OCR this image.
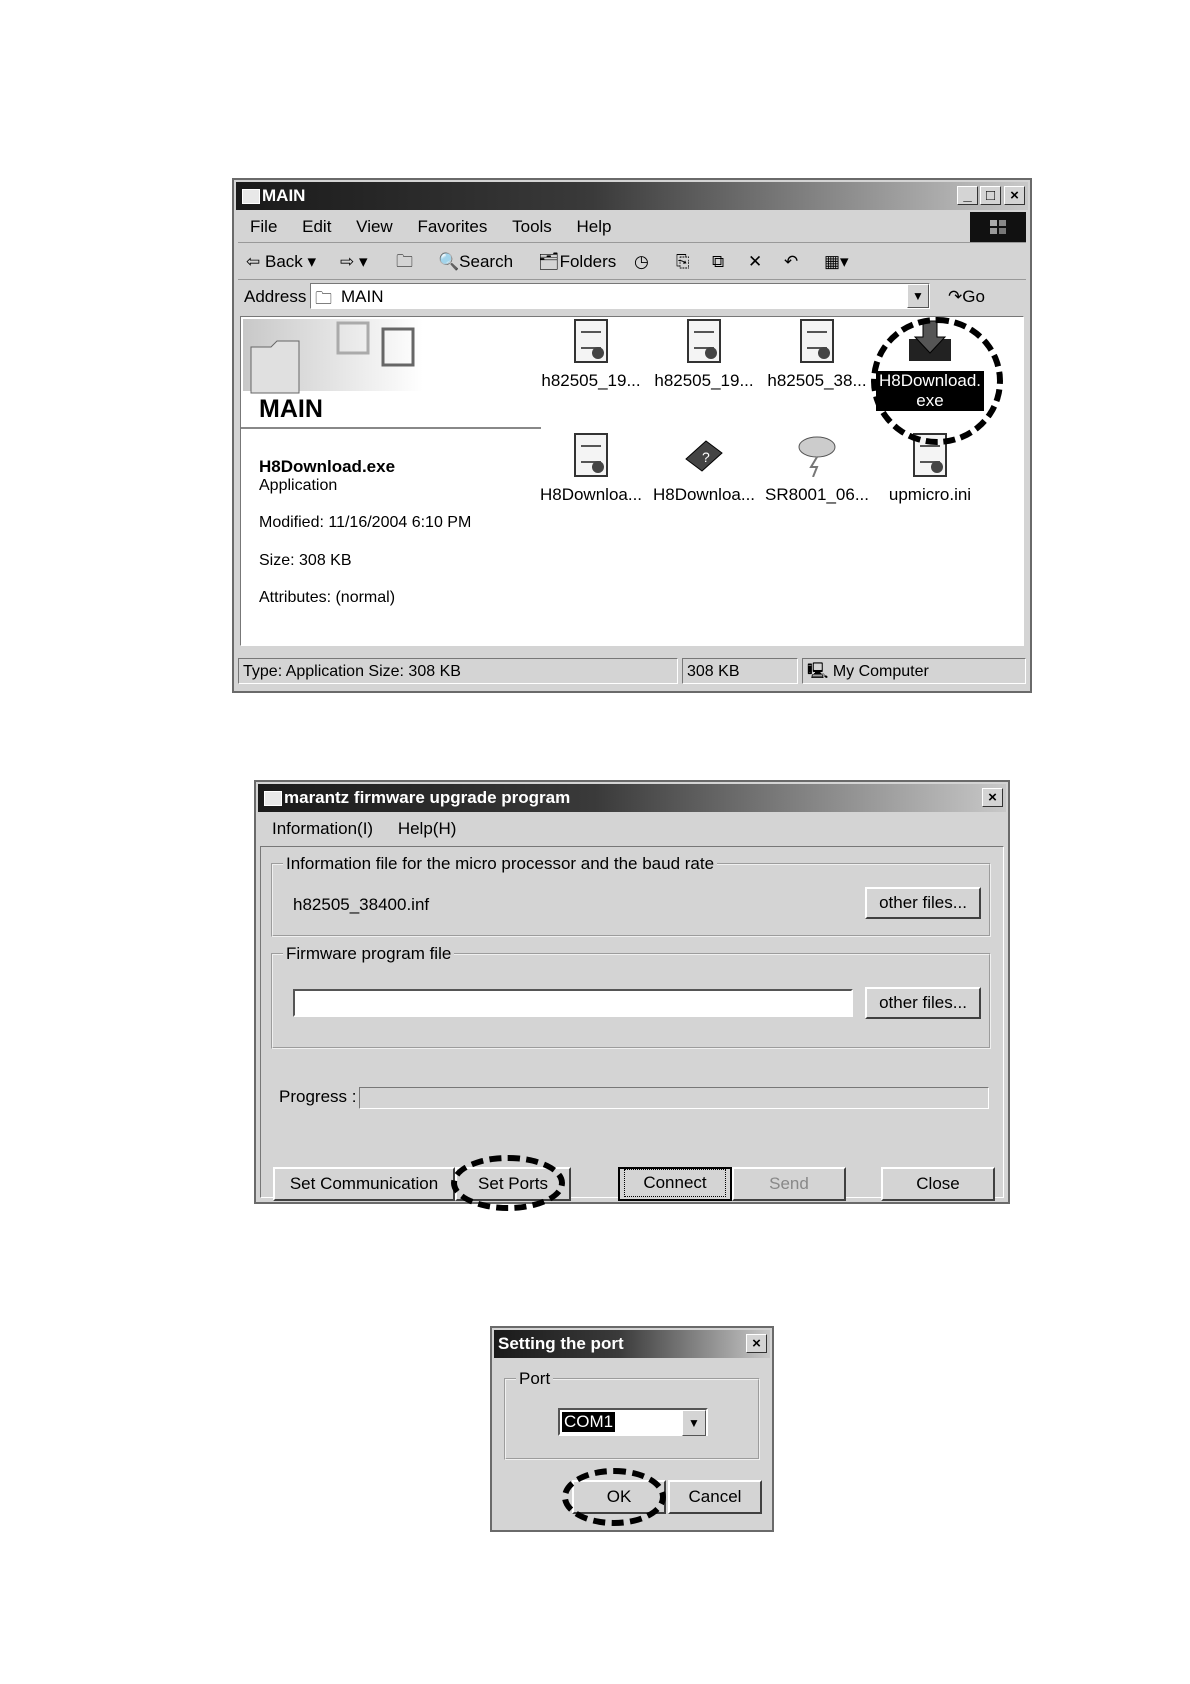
MAIN	_ □	×
File Edit View Favorites Tools Help
⇦ Back ▾ ⇨ ▾ 🗀 🔍Search 🗂Folders ◷ ⎘ ⧉ ✕ ↶ ▦▾
Address 🗀 MAIN	▼ ↷Go
MAIN
H8Download.exe
Application
Modified: 11/16/2004 6:10 PM
Size: 308 KB
Attributes: (normal)
h82505_19... h82505_19... h82505_38... H8Download.exe
H8Downloa...
?
H8Downloa... SR8001_06...	upmicro.ini
Type: Application Size: 308 KB	308 KB	🖳 My Computer
marantz firmware upgrade program	×
Information(I) Help(H)
Information file for the micro processor and the baud rate
h82505_38400.inf	other files...
Firmware program file
other files...
Progress :
Set Communication	Set Ports	Connect	Send	Close
Setting the port	×
Port
COM1	▼
OK	Cancel
